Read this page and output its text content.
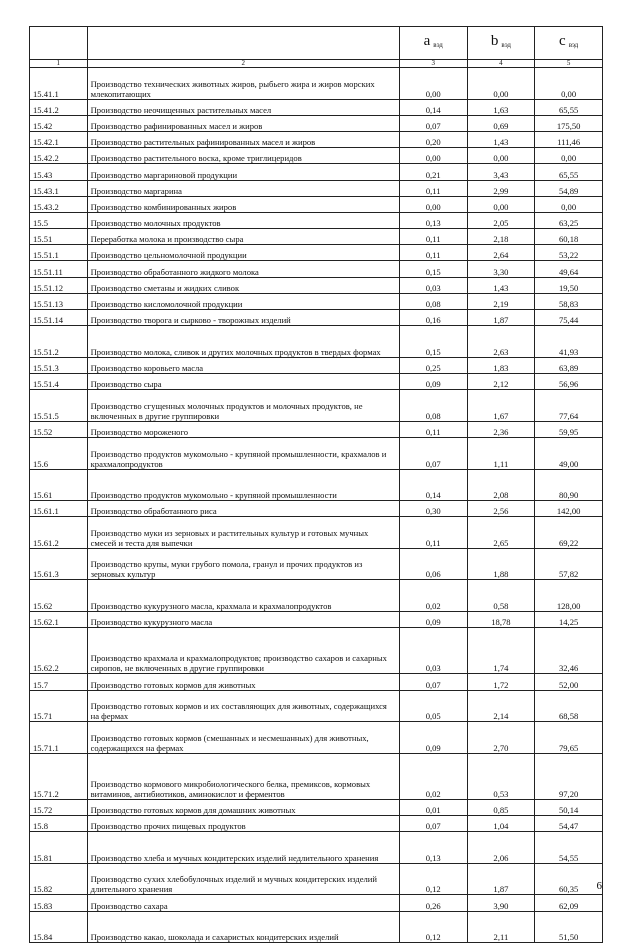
		a $_{вэд}$	b $_{вэд}$	c $_{вэд}$
1	2	3	4	5
15.41.1	Производство технических животных жиров, рыбьего жира и жиров морских млекопитающих	0,00	0,00	0,00
15.41.2	Производство неочищенных растительных масел	0,14	1,63	65,55
15.42	Производство рафинированных масел и жиров	0,07	0,69	175,50
15.42.1	Производство растительных рафинированных масел и жиров	0,20	1,43	111,46
15.42.2	Производство растительного воска, кроме триглицеридов	0,00	0,00	0,00
15.43	Производство маргариновой продукции	0,21	3,43	65,55
15.43.1	Производство маргарина	0,11	2,99	54,89
15.43.2	Производство комбинированных жиров	0,00	0,00	0,00
15.5	Производство молочных продуктов	0,13	2,05	63,25
15.51	Переработка молока и производство сыра	0,11	2,18	60,18
15.51.1	Производство цельномолочной продукции	0,11	2,64	53,22
15.51.11	Производство обработанного жидкого молока	0,15	3,30	49,64
15.51.12	Производство сметаны и жидких сливок	0,03	1,43	19,50
15.51.13	Производство кисломолочной продукции	0,08	2,19	58,83
15.51.14	Производство творога и сырково - творожных изделий	0,16	1,87	75,44
15.51.2	Производство молока, сливок и других молочных продуктов в твердых формах	0,15	2,63	41,93
15.51.3	Производство коровьего масла	0,25	1,83	63,89
15.51.4	Производство сыра	0,09	2,12	56,96
15.51.5	Производство сгущенных молочных продуктов и молочных продуктов, не включенных в другие группировки	0,08	1,67	77,64
15.52	Производство мороженого	0,11	2,36	59,95
15.6	Производство продуктов мукомольно - крупяной промышленности, крахмалов и крахмалопродуктов	0,07	1,11	49,00
15.61	Производство продуктов мукомольно - крупяной промышленности	0,14	2,08	80,90
15.61.1	Производство обработанного риса	0,30	2,56	142,00
15.61.2	Производство муки из зерновых и растительных культур и готовых мучных смесей и теста для выпечки	0,11	2,65	69,22
15.61.3	Производство крупы, муки грубого помола, гранул и прочих продуктов из зерновых культур	0,06	1,88	57,82
15.62	Производство кукурузного масла, крахмала и крахмалопродуктов	0,02	0,58	128,00
15.62.1	Производство кукурузного масла	0,09	18,78	14,25
15.62.2	Производство крахмала и крахмалопродуктов; производство сахаров и сахарных сиропов, не включенных в другие группировки	0,03	1,74	32,46
15.7	Производство готовых кормов для животных	0,07	1,72	52,00
15.71	Производство готовых кормов и их составляющих для животных, содержащихся на фермах	0,05	2,14	68,58
15.71.1	Производство готовых кормов (смешанных и несмешанных) для животных, содержащихся на фермах	0,09	2,70	79,65
15.71.2	Производство кормового микробиологического белка, премиксов, кормовых витаминов, антибиотиков, аминокислот и ферментов	0,02	0,53	97,20
15.72	Производство готовых кормов для домашних животных	0,01	0,85	50,14
15.8	Производство прочих пищевых продуктов	0,07	1,04	54,47
15.81	Производство хлеба и мучных кондитерских изделий недлительного хранения	0,13	2,06	54,55
15.82	Производство сухих хлебобулочных изделий и мучных кондитерских изделий длительного хранения	0,12	1,87	60,35
15.83	Производство сахара	0,26	3,90	62,09
15.84	Производство какао, шоколада и сахаристых кондитерских изделий	0,12	2,11	51,50
6
